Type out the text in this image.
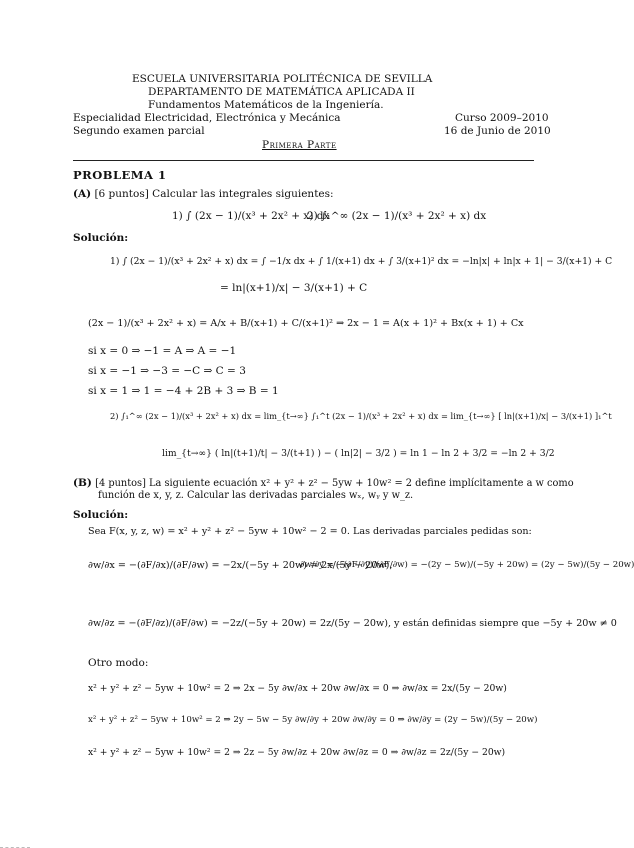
ESCUELA UNIVERSITARIA POLITÉCNICA DE SEVILLA
DEPARTAMENTO DE MATEMÁTICA APLICADA II
Fundamentos Matemáticos de la Ingeniería.
Especialidad Electricidad, Electrónica y Mecánica	Curso 2009–2010
Segundo examen parcial	16 de Junio de 2010
Primera Parte
PROBLEMA 1
(A) [6 puntos] Calcular las integrales siguientes:
1) ∫ (2x − 1)/(x³ + 2x² + x) dx
2) ∫₁^∞ (2x − 1)/(x³ + 2x² + x) dx
Solución:
1) ∫ (2x − 1)/(x³ + 2x² + x) dx = ∫ −1/x dx + ∫ 1/(x+1) dx + ∫ 3/(x+1)² dx = −ln|x| + ln|x + 1| − 3/(x+1) + C
= ln|(x+1)/x| − 3/(x+1) + C
(2x − 1)/(x³ + 2x² + x) = A/x + B/(x+1) + C/(x+1)² ⇒ 2x − 1 = A(x + 1)² + Bx(x + 1) + Cx
si x = 0 ⇒ −1 = A ⇒ A = −1
si x = −1 ⇒ −3 = −C ⇒ C = 3
si x = 1 ⇒ 1 = −4 + 2B + 3 ⇒ B = 1
2) ∫₁^∞ (2x − 1)/(x³ + 2x² + x) dx = lim_{t→∞} ∫₁^t (2x − 1)/(x³ + 2x² + x) dx = lim_{t→∞} [ ln|(x+1)/x| − 3/(x+1) ]₁^t
lim_{t→∞} ( ln|(t+1)/t| − 3/(t+1) ) − ( ln|2| − 3/2 ) = ln 1 − ln 2 + 3/2 = −ln 2 + 3/2
(B) [4 puntos] La siguiente ecuación x² + y² + z² − 5yw + 10w² = 2 define implícitamente a w como
función de x, y, z. Calcular las derivadas parciales wₓ, wᵧ y w_z.
Solución:
Sea F(x, y, z, w) = x² + y² + z² − 5yw + 10w² − 2 = 0. Las derivadas parciales pedidas son:
∂w/∂x = −(∂F/∂x)/(∂F/∂w) = −2x/(−5y + 20w) = 2x/(5y − 20w),
∂w/∂y = −(∂F/∂y)/(∂F/∂w) = −(2y − 5w)/(−5y + 20w) = (2y − 5w)/(5y − 20w)
∂w/∂z = −(∂F/∂z)/(∂F/∂w) = −2z/(−5y + 20w) = 2z/(5y − 20w), y están definidas siempre que −5y + 20w ≠ 0
Otro modo:
x² + y² + z² − 5yw + 10w² = 2 ⇒ 2x − 5y ∂w/∂x + 20w ∂w/∂x = 0 ⇒ ∂w/∂x = 2x/(5y − 20w)
x² + y² + z² − 5yw + 10w² = 2 ⇒ 2y − 5w − 5y ∂w/∂y + 20w ∂w/∂y = 0 ⇒ ∂w/∂y = (2y − 5w)/(5y − 20w)
x² + y² + z² − 5yw + 10w² = 2 ⇒ 2z − 5y ∂w/∂z + 20w ∂w/∂z = 0 ⇒ ∂w/∂z = 2z/(5y − 20w)
